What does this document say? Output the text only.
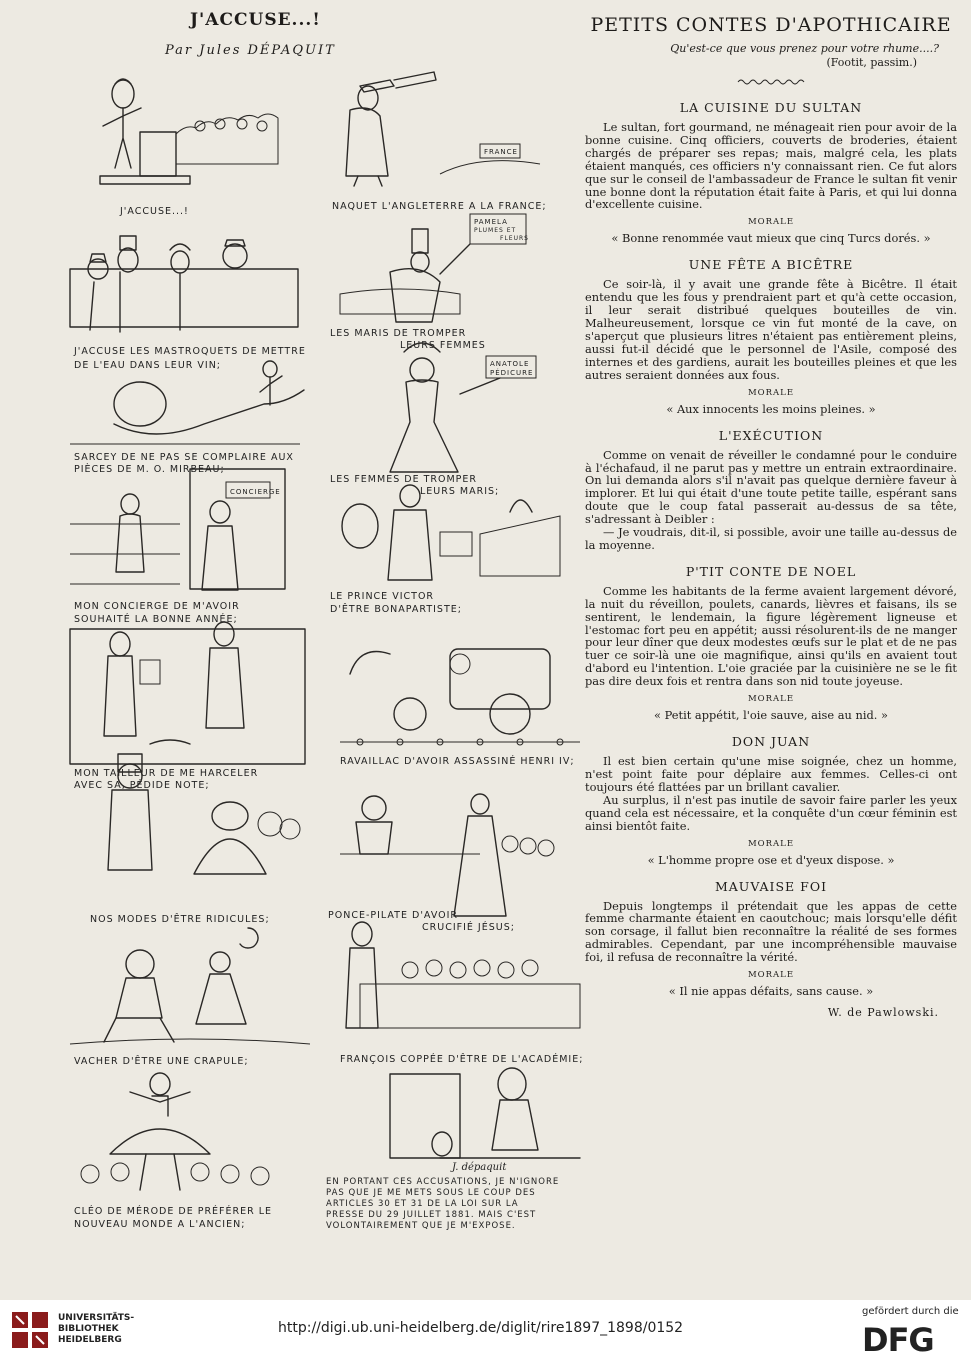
J'ACCUSE...!
Par Jules DÉPAQUIT
J'ACCUSE...!
FRANCE
NAQUET L'ANGLETERRE A LA FRANCE;
J'ACCUSE LES MASTROQUETS DE METTRE
DE L'EAU DANS LEUR VIN;
PAMELA
PLUMES ET
FLEURS
LES MARIS DE TROMPER
LEURS FEMMES
SARCEY DE NE PAS SE COMPLAIRE AUX
PIÈCES DE M. O. MIRBEAU;
ANATOLE
PÉDICURE
LES FEMMES DE TROMPER
LEURS MARIS;
CONCIERGE
MON CONCIERGE DE M'AVOIR
SOUHAITÉ LA BONNE ANNÉE;
LE PRINCE VICTOR
D'ÊTRE BONAPARTISTE;
MON TAILLEUR DE ME HARCELER
AVEC SA, PÉDIDE NOTE;
RAVAILLAC D'AVOIR ASSASSINÉ HENRI IV;
NOS MODES D'ÊTRE RIDICULES;	PONCE-PILATE D'AVOIR
CRUCIFIÉ JÉSUS;
VACHER D'ÊTRE UNE CRAPULE;	FRANÇOIS COPPÉE D'ÊTRE DE L'ACADÉMIE;
CLÉO DE MÉRODE DE PRÉFÉRER LE
NOUVEAU MONDE A L'ANCIEN;
J. dépaquit
EN PORTANT CES ACCUSATIONS, JE N'IGNORE
PAS QUE JE ME METS SOUS LE COUP DES
ARTICLES 30 ET 31 DE LA LOI SUR LA
PRESSE DU 29 JUILLET 1881. MAIS C'EST
VOLONTAIREMENT QUE JE M'EXPOSE.
PETITS CONTES D'APOTHICAIRE
Qu'est-ce que vous prenez pour votre rhume....?
(Footit, passim.)
LA CUISINE DU SULTAN

Le sultan, fort gourmand, ne ménageait rien pour avoir de la bonne cuisine. Cinq officiers, couverts de broderies, étaient chargés de préparer ses repas; mais, malgré cela, les plats étaient manqués, ces officiers n'y connaissant rien. Ce fut alors que sur le conseil de l'ambassadeur de France le sultan fit venir une bonne dont la réputation était faite à Paris, et qui lui donna d'excellente cuisine.

MORALE
« Bonne renommée vaut mieux que cinq Turcs dorés. »
UNE FÊTE A BICÊTRE

Ce soir-là, il y avait une grande fête à Bicêtre. Il était entendu que les fous y prendraient part et qu'à cette occasion, il leur serait distribué quelques bouteilles de vin. Malheureusement, lorsque ce vin fut monté de la cave, on s'aperçut que plusieurs litres n'étaient pas entièrement pleins, aussi fut-il décidé que le personnel de l'Asile, composé des internes et des gardiens, aurait les bouteilles pleines et que les autres seraient données aux fous.

MORALE
« Aux innocents les moins pleines. »
L'EXÉCUTION

Comme on venait de réveiller le condamné pour le conduire à l'échafaud, il ne parut pas y mettre un entrain extraordinaire. On lui demanda alors s'il n'avait pas quelque dernière faveur à implorer. Et lui qui était d'une toute petite taille, espérant sans doute que le coup fatal passerait au-dessus de sa tête, s'adressant à Deibler :

— Je voudrais, dit-il, si possible, avoir une taille au-dessus de la moyenne.

P'TIT CONTE DE NOEL

Comme les habitants de la ferme avaient largement dévoré, la nuit du réveillon, poulets, canards, lièvres et faisans, ils se sentirent, le lendemain, la figure légèrement ligneuse et l'estomac fort peu en appétit; aussi résolurent-ils de ne manger pour leur dîner que deux modestes œufs sur le plat et de ne pas tuer ce soir-là une oie magnifique, ainsi qu'ils en avaient tout d'abord eu l'intention. L'oie graciée par la cuisinière ne se le fit pas dire deux fois et rentra dans son nid toute joyeuse.

MORALE
« Petit appétit, l'oie sauve, aise au nid. »
DON JUAN

Il est bien certain qu'une mise soignée, chez un homme, n'est point faite pour déplaire aux femmes. Celles-ci ont toujours été flattées par un brillant cavalier.

Au surplus, il n'est pas inutile de savoir faire parler les yeux quand cela est nécessaire, et la conquête d'un cœur féminin est ainsi bientôt faite.

MORALE
« L'homme propre ose et d'yeux dispose. »
MAUVAISE FOI

Depuis longtemps il prétendait que les appas de cette femme charmante étaient en caoutchouc; mais lorsqu'elle défit son corsage, il fallut bien reconnaître la réalité de ses formes admirables. Cependant, par une incompréhensible mauvaise foi, il refusa de reconnaître la vérité.

MORALE
« Il nie appas défaits, sans cause. »
W. de Pawlowski.
UNIVERSITÄTS-
BIBLIOTHEK
HEIDELBERG
http://digi.ub.uni-heidelberg.de/diglit/rire1897_1898/0152
gefördert durch die
DFG
